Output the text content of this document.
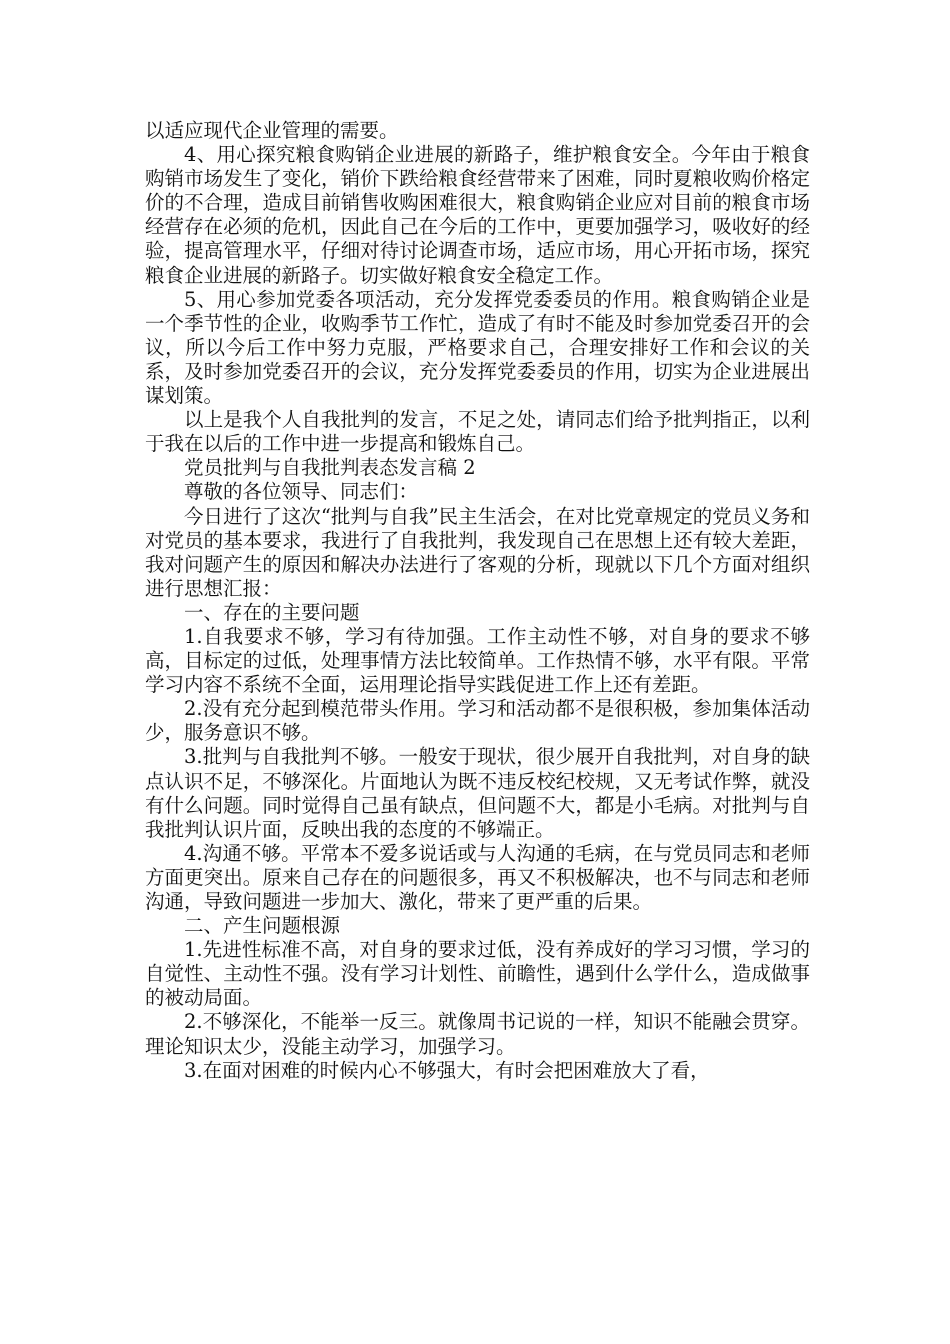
以适应现代企业管理的需要。

4、用心探究粮食购销企业进展的新路子，维护粮食安全。今年由于粮食购销市场发生了变化，销价下跌给粮食经营带来了困难，同时夏粮收购价格定价的不合理，造成目前销售收购困难很大，粮食购销企业应对目前的粮食市场经营存在必须的危机，因此自己在今后的工作中，更要加强学习，吸收好的经验，提高管理水平，仔细对待讨论调查市场，适应市场，用心开拓市场，探究粮食企业进展的新路子。切实做好粮食安全稳定工作。

5、用心参加党委各项活动，充分发挥党委委员的作用。粮食购销企业是一个季节性的企业，收购季节工作忙，造成了有时不能及时参加党委召开的会议，所以今后工作中努力克服，严格要求自己，合理安排好工作和会议的关系，及时参加党委召开的会议，充分发挥党委委员的作用，切实为企业进展出谋划策。

以上是我个人自我批判的发言，不足之处，请同志们给予批判指正，以利于我在以后的工作中进一步提高和锻炼自己。

党员批判与自我批判表态发言稿 2

尊敬的各位领导、同志们：

今日进行了这次“批判与自我”民主生活会，在对比党章规定的党员义务和对党员的基本要求，我进行了自我批判，我发现自己在思想上还有较大差距，我对问题产生的原因和解决办法进行了客观的分析，现就以下几个方面对组织进行思想汇报：

一、存在的主要问题

1.自我要求不够，学习有待加强。工作主动性不够，对自身的要求不够高，目标定的过低，处理事情方法比较简单。工作热情不够，水平有限。平常学习内容不系统不全面，运用理论指导实践促进工作上还有差距。

2.没有充分起到模范带头作用。学习和活动都不是很积极，参加集体活动少，服务意识不够。

3.批判与自我批判不够。一般安于现状，很少展开自我批判，对自身的缺点认识不足，不够深化。片面地认为既不违反校纪校规，又无考试作弊，就没有什么问题。同时觉得自己虽有缺点，但问题不大，都是小毛病。对批判与自我批判认识片面，反映出我的态度的不够端正。

4.沟通不够。平常本不爱多说话或与人沟通的毛病，在与党员同志和老师方面更突出。原来自己存在的问题很多，再又不积极解决，也不与同志和老师沟通，导致问题进一步加大、激化，带来了更严重的后果。

二、产生问题根源

1.先进性标准不高，对自身的要求过低，没有养成好的学习习惯，学习的自觉性、主动性不强。没有学习计划性、前瞻性，遇到什么学什么，造成做事的被动局面。

2.不够深化，不能举一反三。就像周书记说的一样，知识不能融会贯穿。理论知识太少，没能主动学习，加强学习。

3.在面对困难的时候内心不够强大，有时会把困难放大了看，
